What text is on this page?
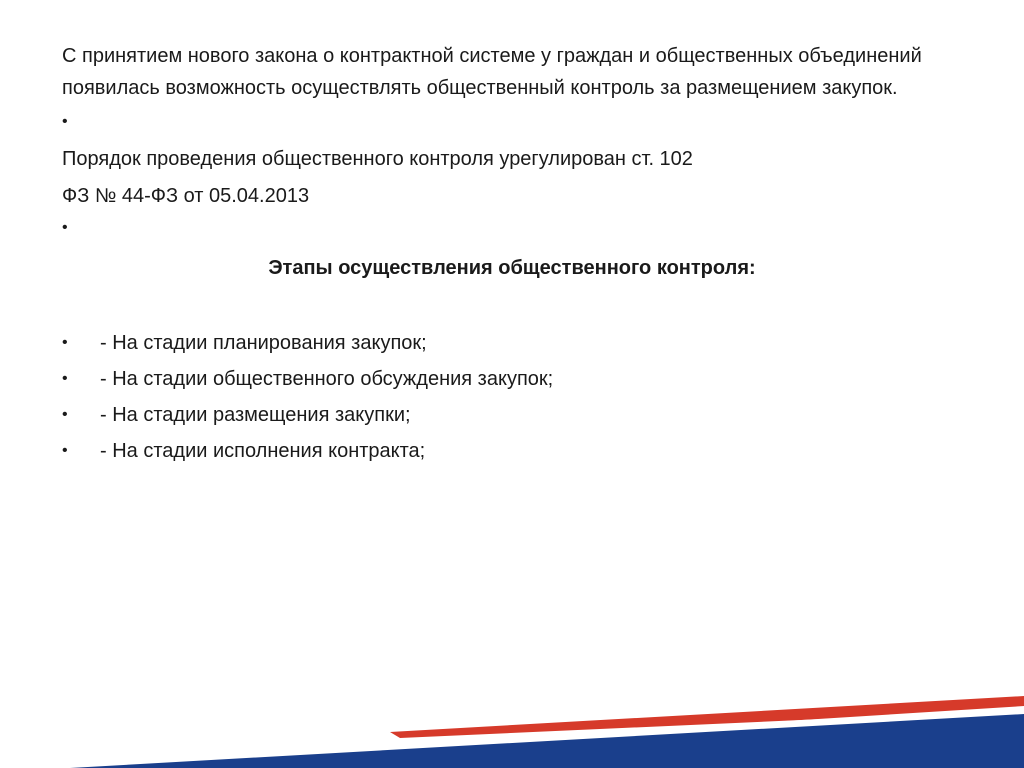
С принятием нового закона о контрактной системе у граждан и общественных объединений появилась возможность осуществлять общественный контроль за размещением закупок.

•

Порядок проведения общественного контроля урегулирован ст. 102

ФЗ № 44-ФЗ от 05.04.2013

•

Этапы осуществления общественного контроля:

• - На стадии планирования закупок;
• - На стадии общественного обсуждения закупок;
• - На стадии размещения закупки;
• - На стадии исполнения контракта;
